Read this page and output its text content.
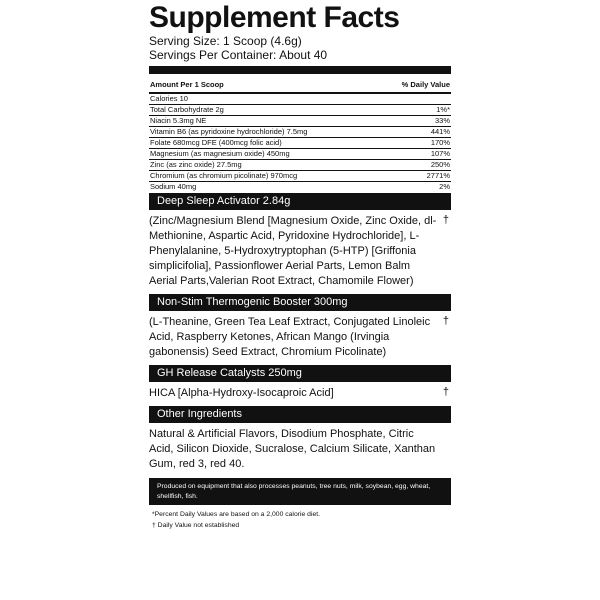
Supplement Facts
Serving Size: 1 Scoop (4.6g)
Servings Per Container: About 40
Amount Per 1 Scoop	% Daily Value
Calories 10
Total Carbohydrate 2g	1%*
Niacin 5.3mg NE	33%
Vitamin B6 (as pyridoxine hydrochloride) 7.5mg	441%
Folate 680mcg DFE (400mcg folic acid)	170%
Magnesium (as magnesium oxide) 450mg	107%
Zinc (as zinc oxide) 27.5mg	250%
Chromium (as chromium picolinate) 970mcg	2771%
Sodium 40mg	2%
Deep Sleep Activator 2.84g
(Zinc/Magnesium Blend [Magnesium Oxide, Zinc Oxide, dl-Methionine, Aspartic Acid, Pyridoxine Hydrochloride], L-Phenylalanine, 5-Hydroxytryptophan (5-HTP) [Griffonia simplicifolia], Passionflower Aerial Parts, Lemon Balm Aerial Parts,Valerian Root Extract, Chamomile Flower)
†
Non-Stim Thermogenic Booster 300mg
(L-Theanine, Green Tea Leaf Extract, Conjugated Linoleic Acid, Raspberry Ketones, African Mango (Irvingia gabonensis) Seed Extract, Chromium Picolinate)
†
GH Release Catalysts 250mg
HICA [Alpha-Hydroxy-Isocaproic Acid]	†
Other Ingredients
Natural & Artificial Flavors, Disodium Phosphate, Citric Acid, Silicon Dioxide, Sucralose, Calcium Silicate, Xanthan Gum, red 3, red 40.
Produced on equipment that also processes peanuts, tree nuts, milk, soybean, egg, wheat, shellfish, fish.
*Percent Daily Values are based on a 2,000 calorie diet.
† Daily Value not established
